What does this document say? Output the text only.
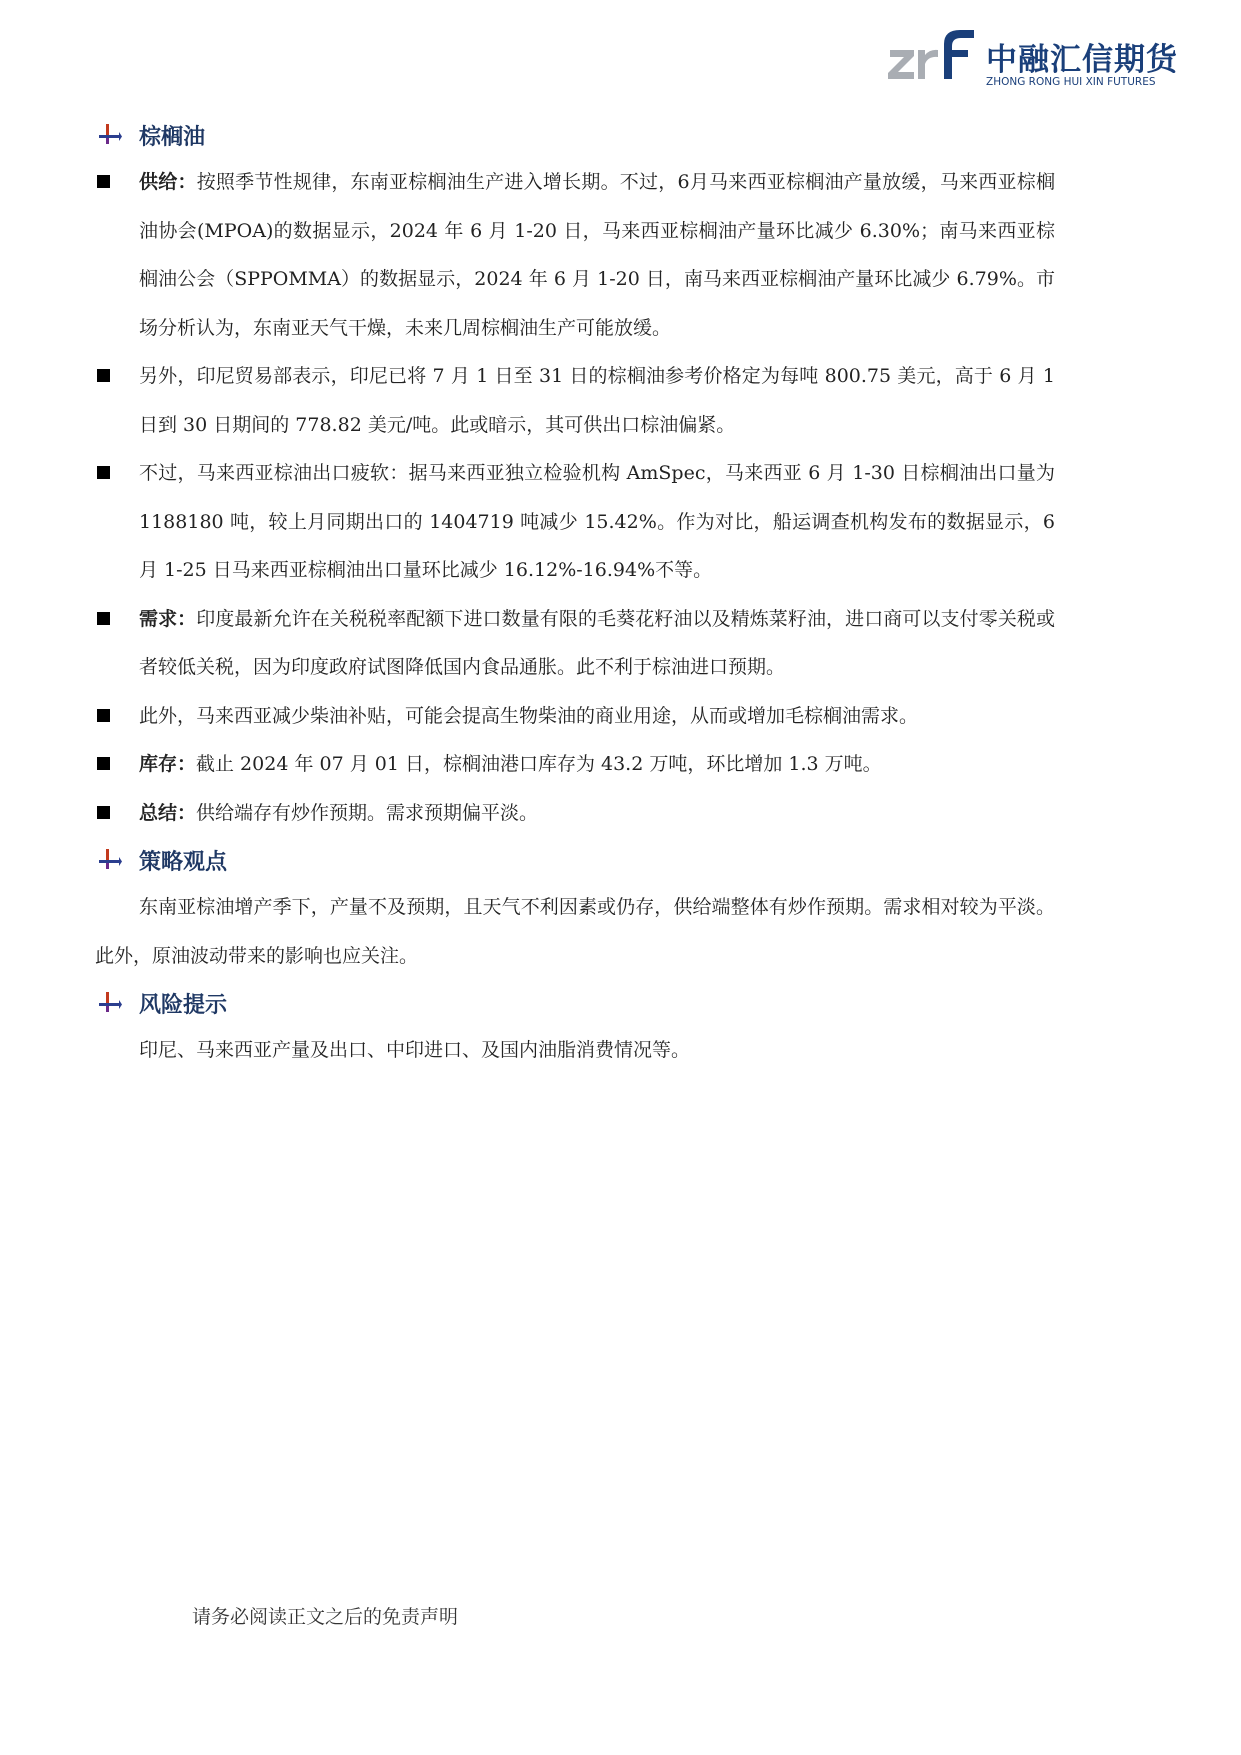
中融汇信期货
ZHONG RONG HUI XIN FUTURES
棕榈油
供给：按照季节性规律，东南亚棕榈油生产进入增长期。不过，6月马来西亚棕榈油产量放缓，马来西亚棕榈油协会(MPOA)的数据显示，2024 年 6 月 1-20 日，马来西亚棕榈油产量环比减少 6.30%；南马来西亚棕榈油公会（SPPOMMA）的数据显示，2024 年 6 月 1-20 日，南马来西亚棕榈油产量环比减少 6.79%。市场分析认为，东南亚天气干燥，未来几周棕榈油生产可能放缓。
另外，印尼贸易部表示，印尼已将 7 月 1 日至 31 日的棕榈油参考价格定为每吨 800.75 美元，高于 6 月 1 日到 30 日期间的 778.82 美元/吨。此或暗示，其可供出口棕油偏紧。
不过，马来西亚棕油出口疲软：据马来西亚独立检验机构 AmSpec，马来西亚 6 月 1-30 日棕榈油出口量为 1188180 吨，较上月同期出口的 1404719 吨减少 15.42%。作为对比，船运调查机构发布的数据显示，6 月 1-25 日马来西亚棕榈油出口量环比减少 16.12%-16.94%不等。
需求：印度最新允许在关税税率配额下进口数量有限的毛葵花籽油以及精炼菜籽油，进口商可以支付零关税或者较低关税，因为印度政府试图降低国内食品通胀。此不利于棕油进口预期。
此外，马来西亚减少柴油补贴，可能会提高生物柴油的商业用途，从而或增加毛棕榈油需求。
库存：截止 2024 年 07 月 01 日，棕榈油港口库存为 43.2 万吨，环比增加 1.3 万吨。
总结：供给端存有炒作预期。需求预期偏平淡。
策略观点
东南亚棕油增产季下，产量不及预期，且天气不利因素或仍存，供给端整体有炒作预期。需求相对较为平淡。此外，原油波动带来的影响也应关注。
风险提示
印尼、马来西亚产量及出口、中印进口、及国内油脂消费情况等。
请务必阅读正文之后的免责声明
